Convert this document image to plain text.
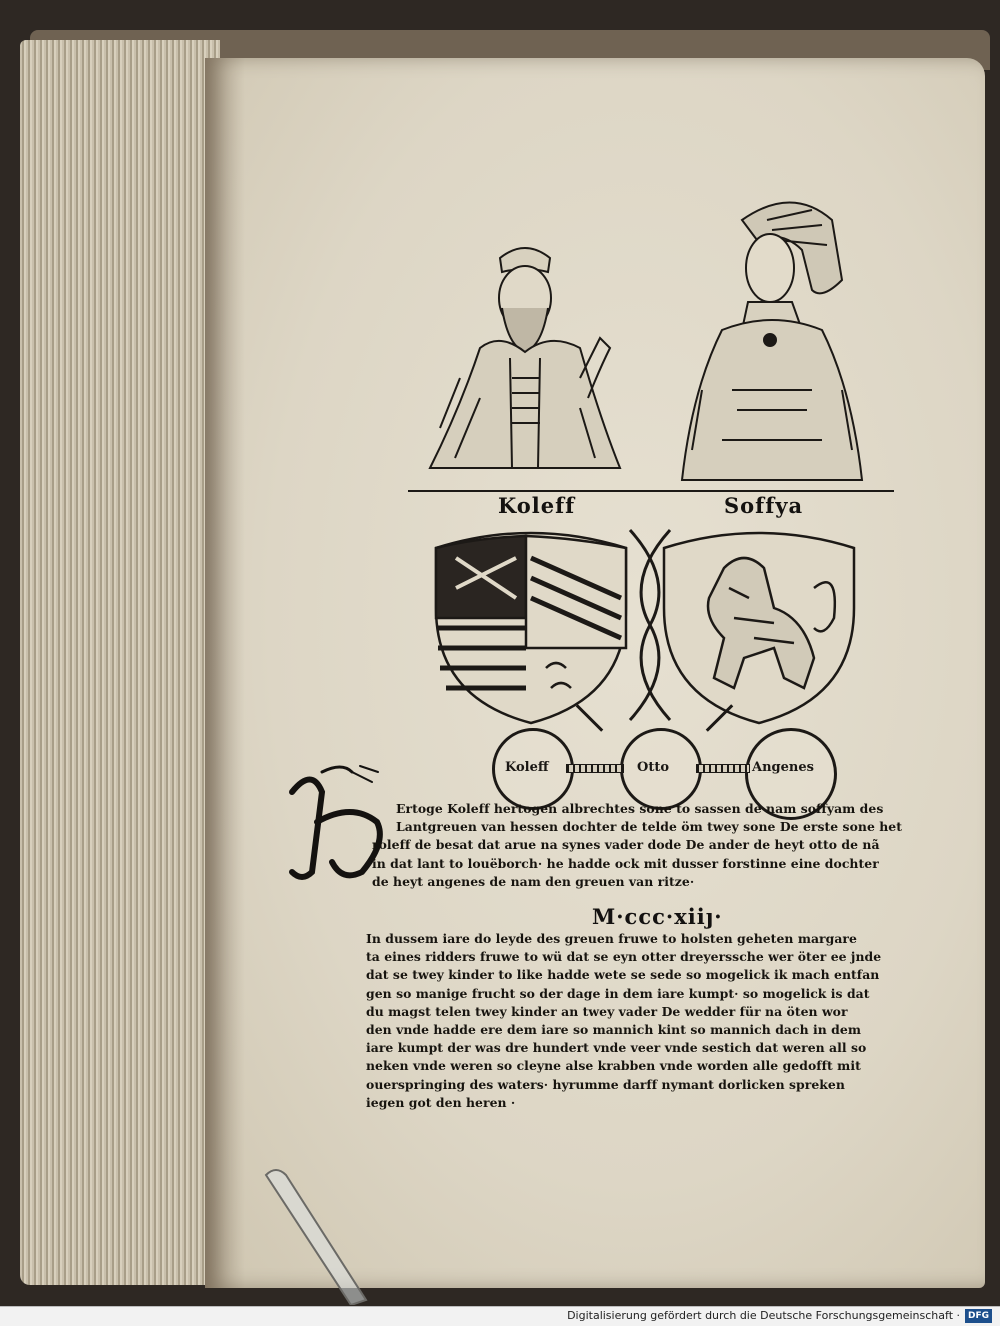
Koleff	Soffya
Koleff	Otto	Angenes
Ertoge Koleff hertogen albrechtes sone to sassen de nam soffyam des
Lantgreuen van hessen dochter de telde öm twey sone De erste sone het
roleff de besat dat arue na synes vader dode De ander de heyt otto de nã
in dat lant to louëborch· he hadde ock mit dusser forstinne eine dochter
de heyt angenes de nam den greuen van ritze·
M·ccc·xiiȷ·
In dussem iare do leyde des greuen fruwe to holsten geheten margare
ta eines ridders fruwe to wü dat se eyn otter dreyerssche wer öter ee jnde
dat se twey kinder to like hadde wete se sede so mogelick ik mach entfan
gen so manige frucht so der dage in dem iare kumpt· so mogelick is dat
du magst telen twey kinder an twey vader De wedder für na öten wor
den vnde hadde ere dem iare so mannich kint so mannich dach in dem
iare kumpt der was dre hundert vnde veer vnde sestich dat weren all so
neken vnde weren so cleyne alse krabben vnde worden alle gedofft mit
ouerspringing des waters· hyrumme darff nymant dorlicken spreken
iegen got den heren ·
Digitalisierung gefördert durch die Deutsche Forschungsgemeinschaft · DFG
